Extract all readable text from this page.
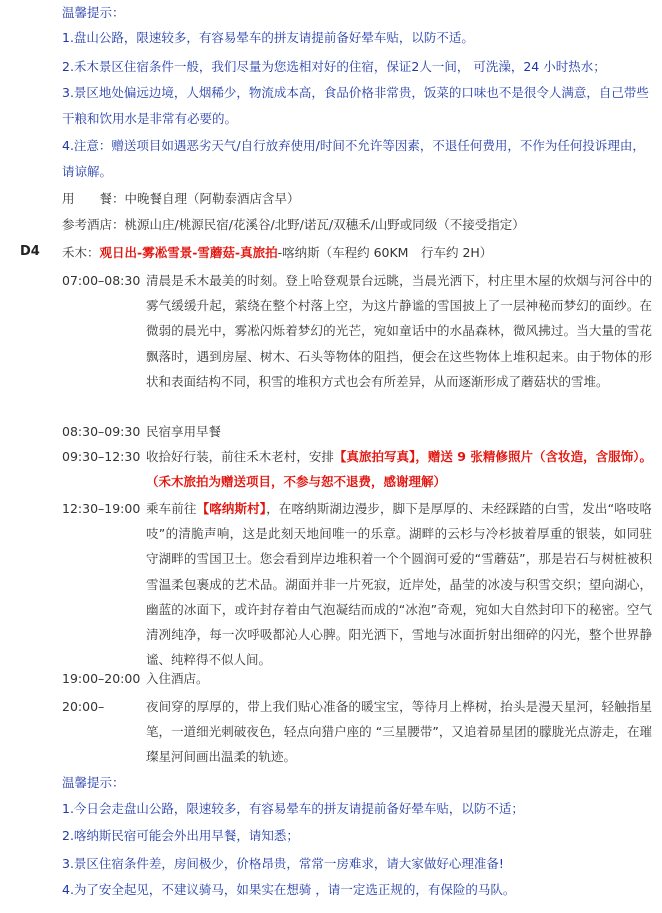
温馨提示：
1.盘山公路，限速较多，有容易晕车的拼友请提前备好晕车贴，以防不适。
2.禾木景区住宿条件一般，我们尽量为您选相对好的住宿，保证2人一间， 可洗澡，24 小时热水；
3.景区地处偏远边境，人烟稀少，物流成本高，食品价格非常贵，饭菜的口味也不是很令人满意，自己带些干粮和饮用水是非常有必要的。
4.注意：赠送项目如遇恶劣天气/自行放弃使用/时间不允许等因素，不退任何费用，不作为任何投诉理由，请谅解。
用　　餐：中晚餐自理（阿勒泰酒店含早）
参考酒店：桃源山庄/桃源民宿/花溪谷/北野/诺瓦/双穗禾/山野或同级（不接受指定）
D4 禾木：观日出-雾凇雪景-雪蘑菇-真旅拍-喀纳斯（车程约 60KM　行车约 2H）
07:00–08:30 清晨是禾木最美的时刻。登上哈登观景台远眺，当晨光洒下，村庄里木屋的炊烟与河谷中的雾气缓缓升起，萦绕在整个村落上空，为这片静谧的雪国披上了一层神秘而梦幻的面纱。在微弱的晨光中，雾凇闪烁着梦幻的光芒，宛如童话中的水晶森林，微风拂过。当大量的雪花飘落时，遇到房屋、树木、石头等物体的阻挡，便会在这些物体上堆积起来。由于物体的形状和表面结构不同，积雪的堆积方式也会有所差异，从而逐渐形成了蘑菇状的雪堆。
08:30–09:30 民宿享用早餐
09:30–12:30 收拾好行装，前往禾木老村，安排【真旅拍写真】，赠送 9 张精修照片（含妆造，含服饰）。（禾木旅拍为赠送项目，不参与恕不退费，感谢理解）
12:30–19:00 乘车前往【喀纳斯村】，在喀纳斯湖边漫步，脚下是厚厚的、未经踩踏的白雪，发出“咯吱咯吱”的清脆声响，这是此刻天地间唯一的乐章。湖畔的云杉与冷杉披着厚重的银装，如同驻守湖畔的雪国卫士。您会看到岸边堆积着一个个圆润可爱的“雪蘑菇”，那是岩石与树桩被积雪温柔包裹成的艺术品。湖面并非一片死寂，近岸处，晶莹的冰凌与积雪交织；望向湖心，幽蓝的冰面下，或许封存着由气泡凝结而成的“冰泡”奇观，宛如大自然封印下的秘密。空气清冽纯净，每一次呼吸都沁人心脾。阳光洒下，雪地与冰面折射出细碎的闪光，整个世界静谧、纯粹得不似人间。
19:00–20:00 入住酒店。
20:00–	夜间穿的厚厚的，带上我们贴心准备的暖宝宝，等待月上桦树，抬头是漫天星河，轻触指星笔，一道细光刺破夜色，轻点向猎户座的 “三星腰带”，又追着昴星团的朦胧光点游走，在璀璨星河间画出温柔的轨迹。
温馨提示：
1.今日会走盘山公路，限速较多，有容易晕车的拼友请提前备好晕车贴，以防不适；
2.喀纳斯民宿可能会外出用早餐，请知悉；
3.景区住宿条件差，房间极少，价格昂贵，常常一房难求，请大家做好心理准备!
4.为了安全起见，不建议骑马，如果实在想骑 ，请一定选正规的，有保险的马队。
